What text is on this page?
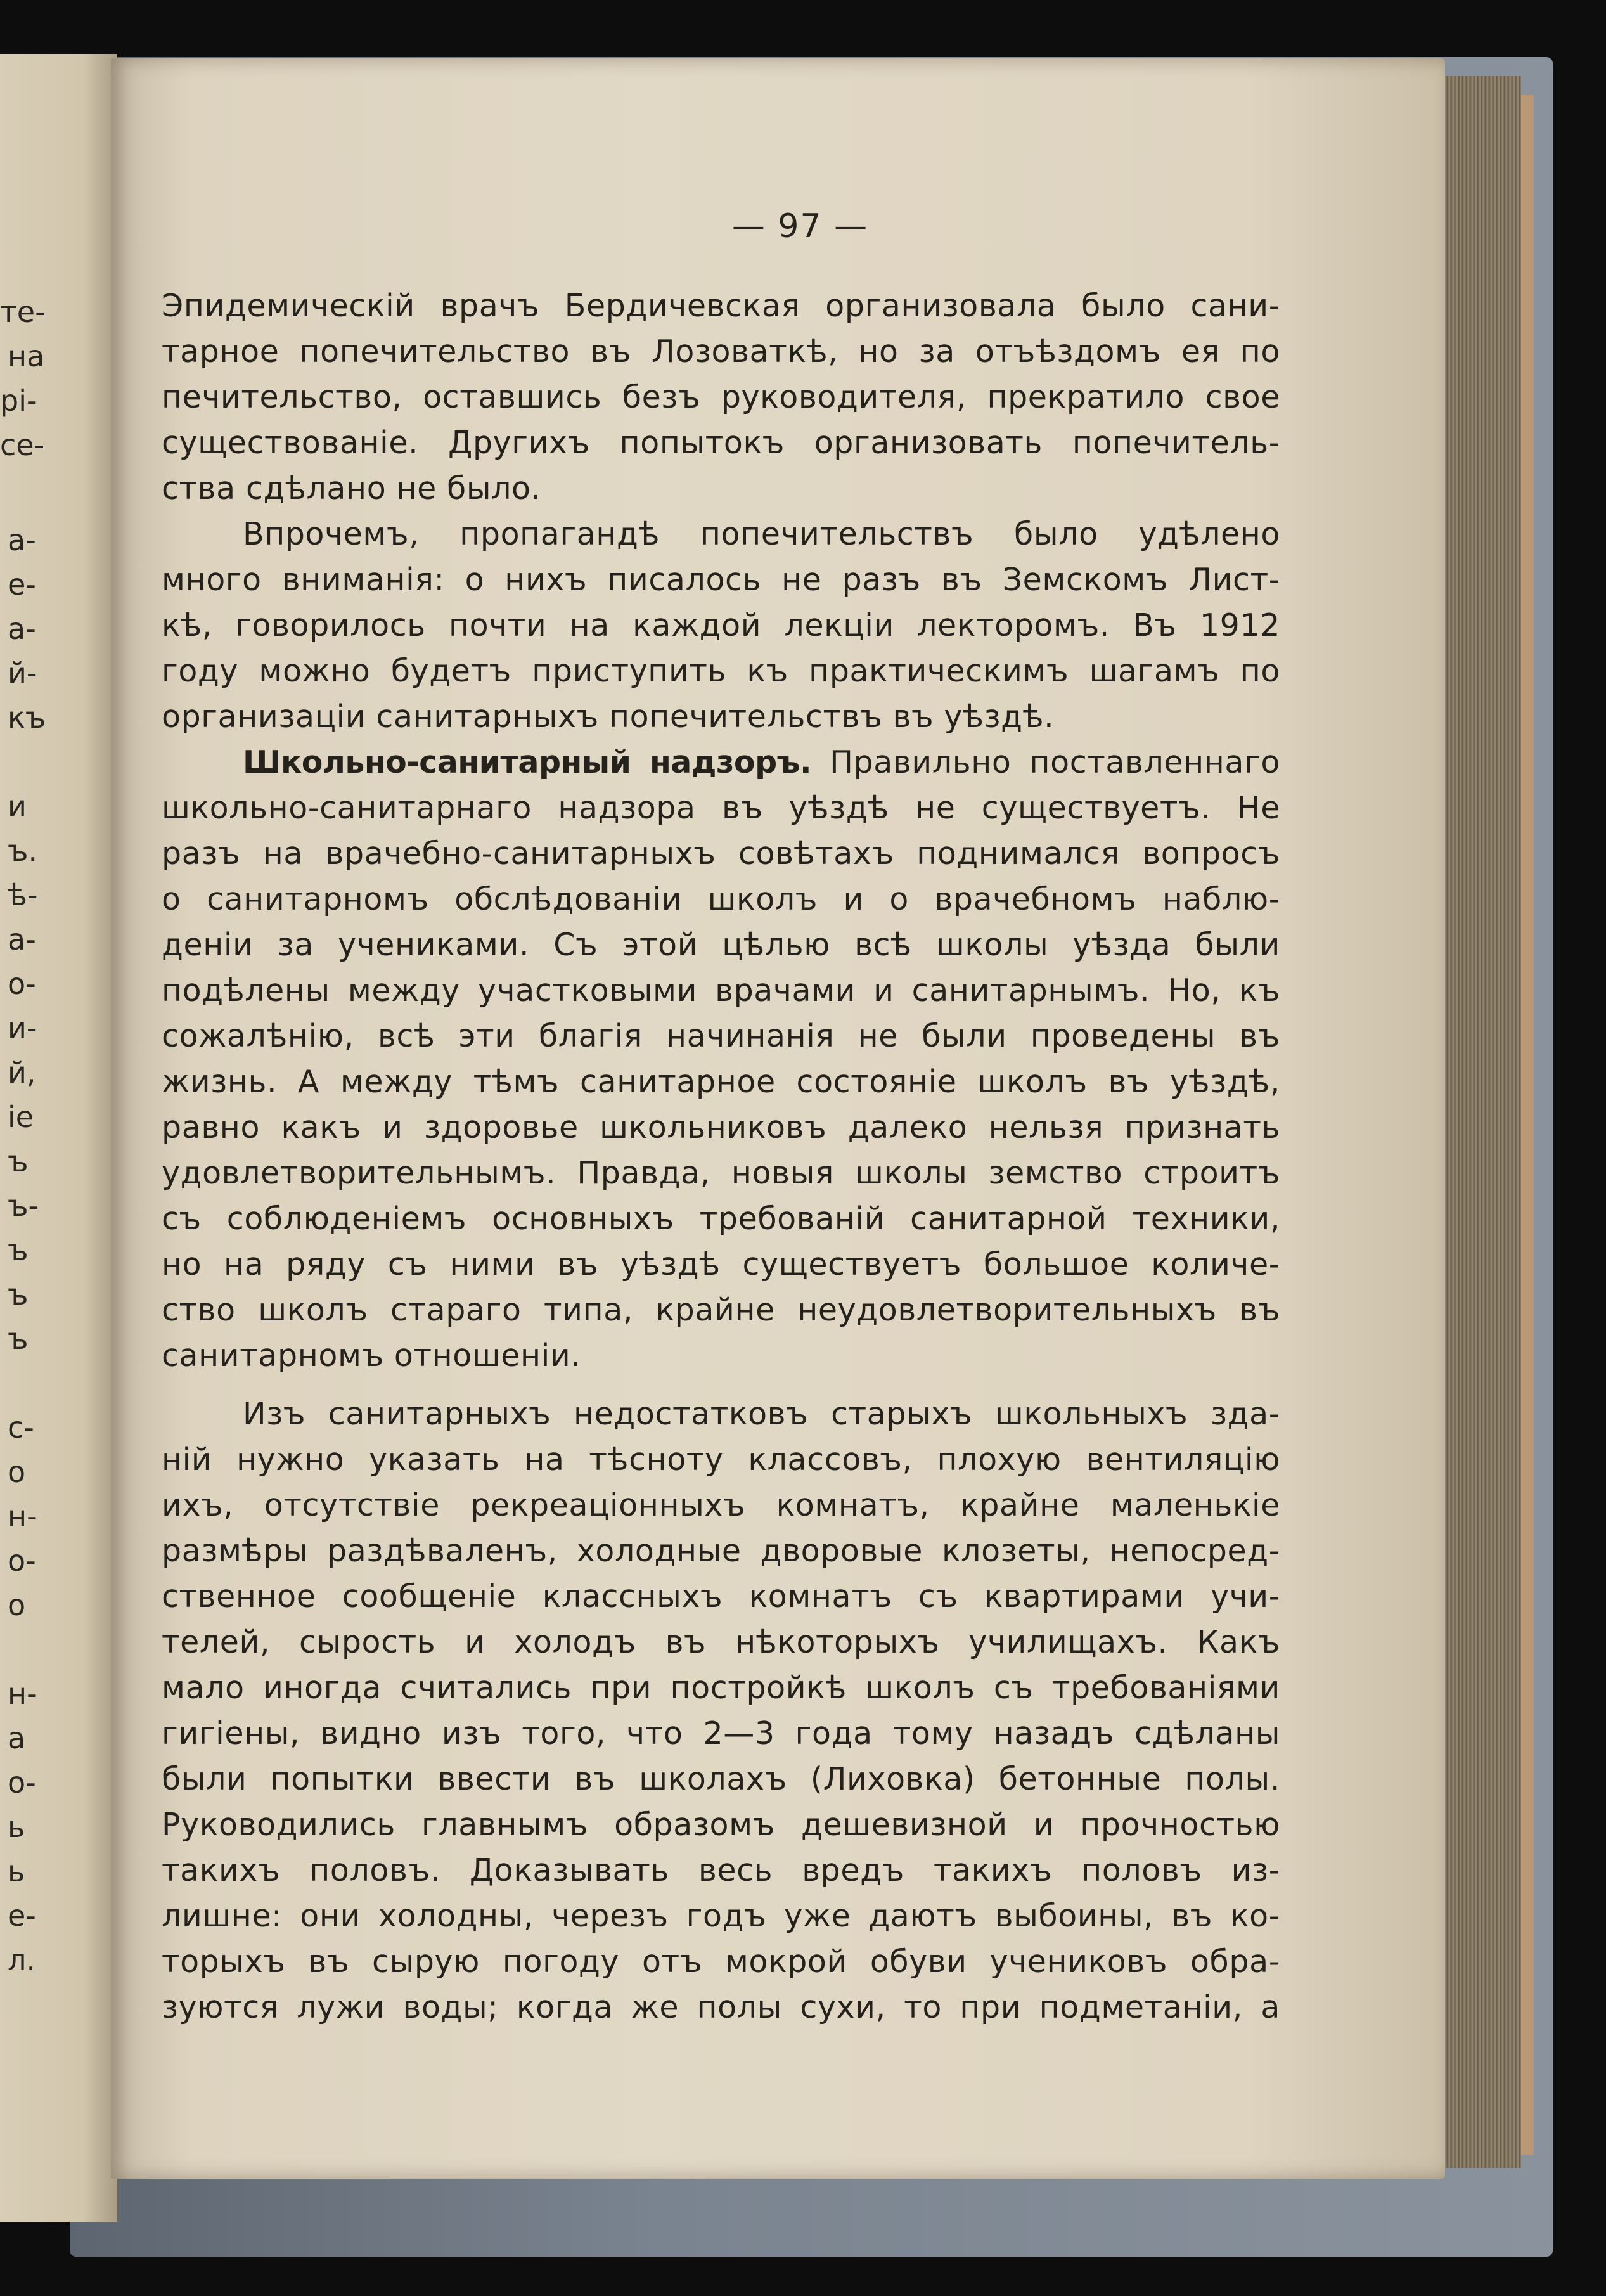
те-
на
рі-
се-
а-
е-
а-
й-
къ
и
ъ.
ѣ-
а-
о-
и-
й,
іе
ъ
ъ-
ъ
ъ
ъ
с-
о
н-
о-
о
н-
а
о-
ь
ь
е-
л.
— 97 —
Эпидемическій врачъ Бердичевская организовала было сани-
тарное попечительство въ Лозоваткѣ, но за отъѣздомъ ея по
печительство, оставшись безъ руководителя, прекратило свое
существованіе. Другихъ попытокъ организовать попечитель-
ства сдѣлано не было.
Впрочемъ, пропагандѣ попечительствъ было удѣлено
много вниманія: о нихъ писалось не разъ въ Земскомъ Лист-
кѣ, говорилось почти на каждой лекціи лекторомъ. Въ 1912
году можно будетъ приступить къ практическимъ шагамъ по
организаціи санитарныхъ попечительствъ въ уѣздѣ.
Школьно-санитарный надзоръ. Правильно поставленнаго
школьно-санитарнаго надзора въ уѣздѣ не существуетъ. Не
разъ на врачебно-санитарныхъ совѣтахъ поднимался вопросъ
о санитарномъ обслѣдованіи школъ и о врачебномъ наблю-
деніи за учениками. Съ этой цѣлью всѣ школы уѣзда были
подѣлены между участковыми врачами и санитарнымъ. Но, къ
сожалѣнію, всѣ эти благія начинанія не были проведены въ
жизнь. А между тѣмъ санитарное состояніе школъ въ уѣздѣ,
равно какъ и здоровье школьниковъ далеко нельзя признать
удовлетворительнымъ. Правда, новыя школы земство строитъ
съ соблюденіемъ основныхъ требованій санитарной техники,
но на ряду съ ними въ уѣздѣ существуетъ большое количе-
ство школъ стараго типа, крайне неудовлетворительныхъ въ
санитарномъ отношеніи.
Изъ санитарныхъ недостатковъ старыхъ школьныхъ зда-
ній нужно указать на тѣсноту классовъ, плохую вентиляцію
ихъ, отсутствіе рекреаціонныхъ комнатъ, крайне маленькіе
размѣры раздѣваленъ, холодные дворовые клозеты, непосред-
ственное сообщеніе классныхъ комнатъ съ квартирами учи-
телей, сырость и холодъ въ нѣкоторыхъ училищахъ. Какъ
мало иногда считались при постройкѣ школъ съ требованіями
гигіены, видно изъ того, что 2—3 года тому назадъ сдѣланы
были попытки ввести въ школахъ (Лиховка) бетонные полы.
Руководились главнымъ образомъ дешевизной и прочностью
такихъ половъ. Доказывать весь вредъ такихъ половъ из-
лишне: они холодны, черезъ годъ уже даютъ выбоины, въ ко-
торыхъ въ сырую погоду отъ мокрой обуви учениковъ обра-
зуются лужи воды; когда же полы сухи, то при подметаніи, а
